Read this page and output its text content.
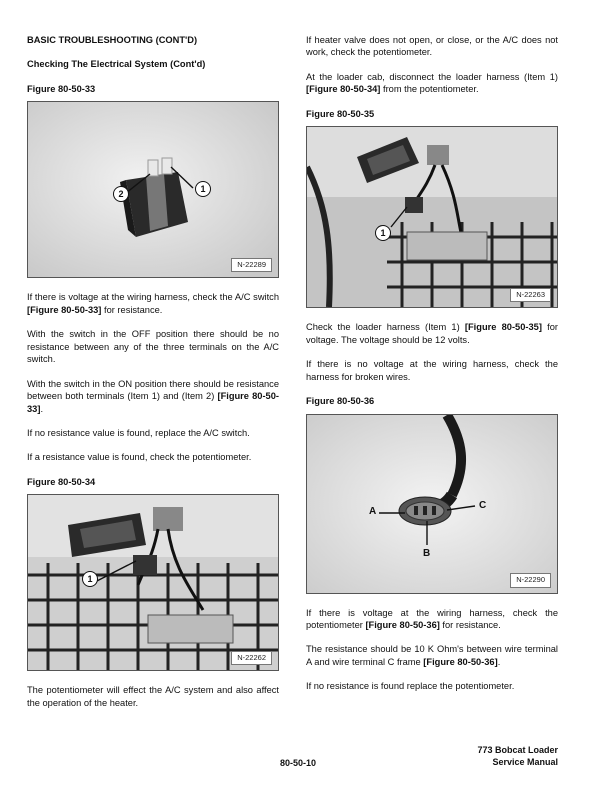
BASIC TROUBLESHOOTING (CONT'D)
Checking The Electrical System (Cont'd)
Figure 80-50-33
2	1
N-22289

If there is voltage at the wiring harness, check the A/C switch [Figure 80-50-33] for resistance.

With the switch in the OFF position there should be no resistance between any of the three terminals on the A/C switch.

With the switch in the ON position there should be resistance between both terminals (Item 1) and (Item 2) [Figure 80-50-33].

If no resistance value is found, replace the A/C switch.

If a resistance value is found, check the potentiometer.

Figure 80-50-34
1
N-22262

The potentiometer will effect the A/C system and also affect the operation of the heater.

If heater valve does not open, or close, or the A/C does not work, check the potentiometer.

At the loader cab, disconnect the loader harness (Item 1) [Figure 80-50-34] from the potentiometer.

Figure 80-50-35
1
N-22263

Check the loader harness (Item 1) [Figure 80-50-35] for voltage. The voltage should be 12 volts.

If there is no voltage at the wiring harness, check the harness for broken wires.

Figure 80-50-36
A
C
B
N-22290

If there is voltage at the wiring harness, check the potentiometer [Figure 80-50-36] for resistance.

The resistance should be 10 K Ohm's between wire terminal A and wire terminal C frame [Figure 80-50-36].

If no resistance is found replace the potentiometer.

80-50-10
773 Bobcat Loader
Service Manual
